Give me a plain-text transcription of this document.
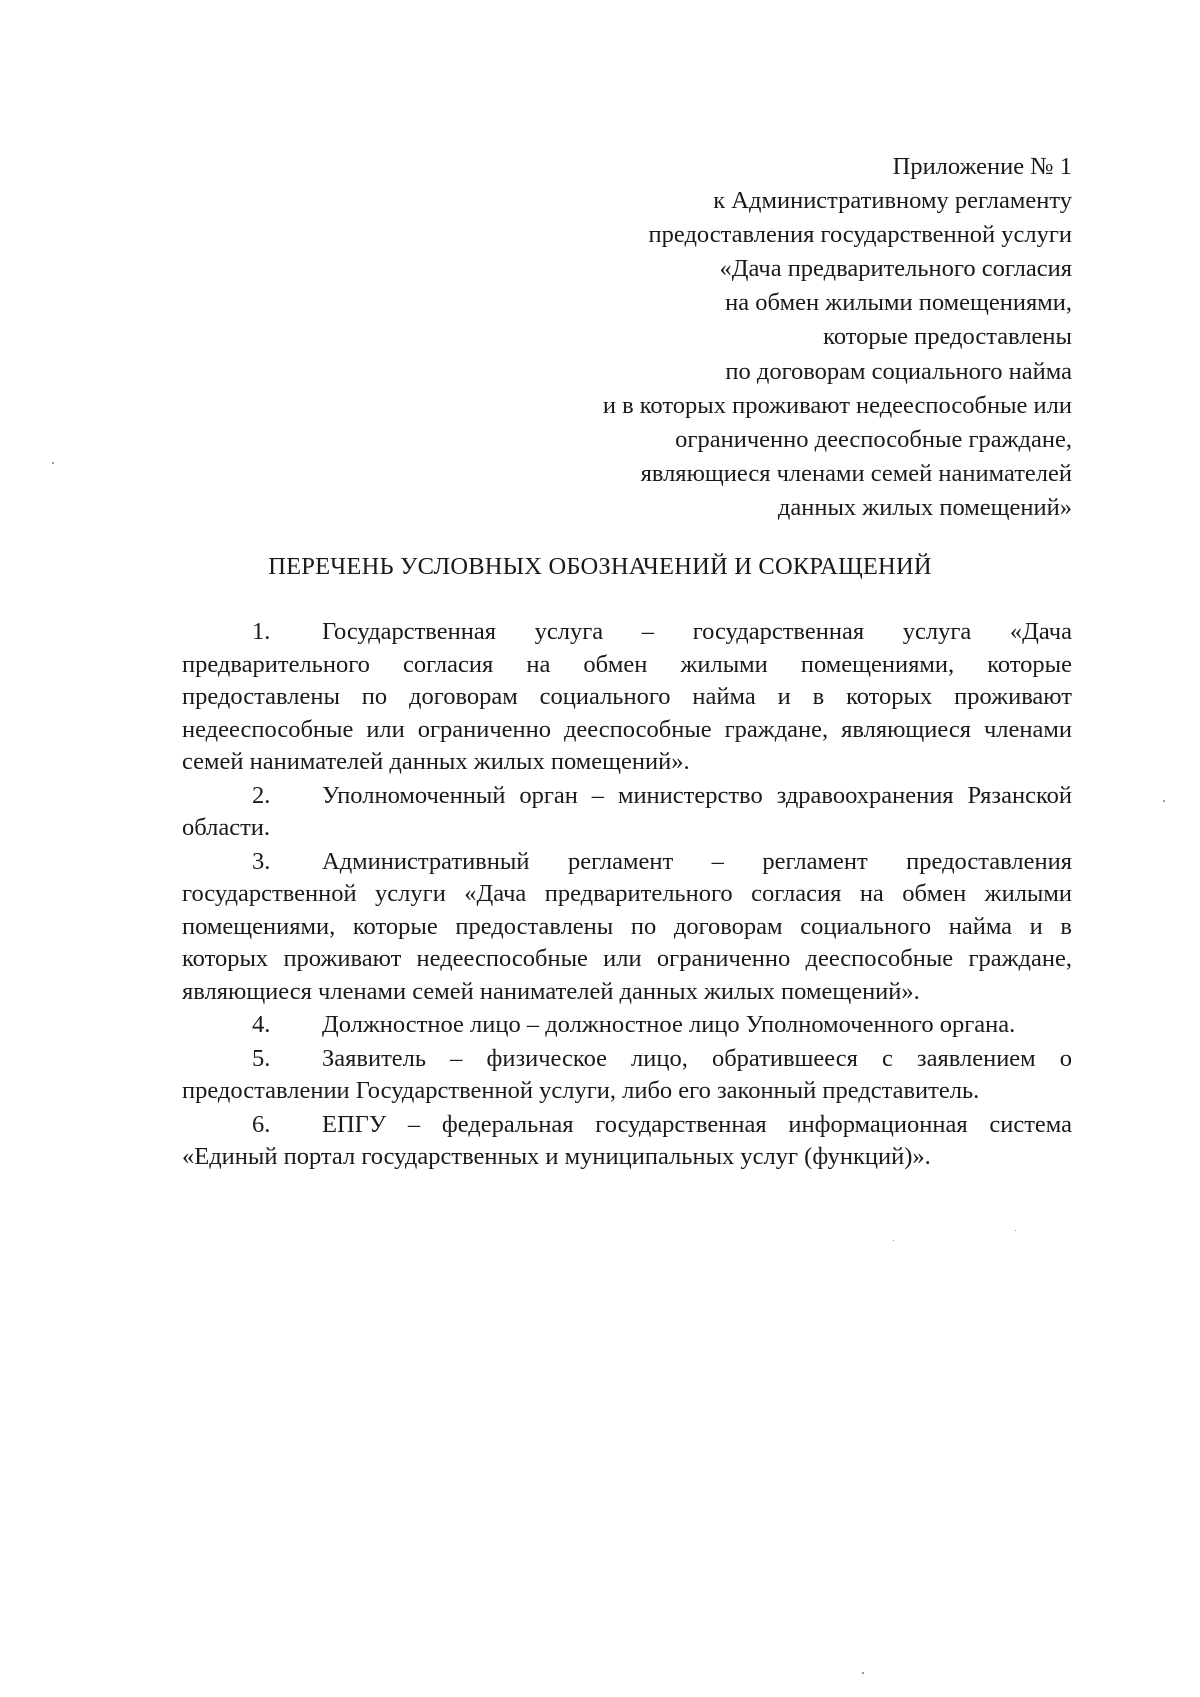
Приложение № 1
к Административному регламенту
предоставления государственной услуги
«Дача предварительного согласия
на обмен жилыми помещениями,
которые предоставлены
по договорам социального найма
и в которых проживают недееспособные или
ограниченно дееспособные граждане,
являющиеся членами семей нанимателей
данных жилых помещений»
ПЕРЕЧЕНЬ УСЛОВНЫХ ОБОЗНАЧЕНИЙ И СОКРАЩЕНИЙ

1. Государственная услуга – государственная услуга «Дача предварительного согласия на обмен жилыми помещениями, которые предоставлены по договорам социального найма и в которых проживают недееспособные или ограниченно дееспособные граждане, являющиеся членами семей нанимателей данных жилых помещений».

2. Уполномоченный орган – министерство здравоохранения Рязанской области.

3. Административный регламент – регламент предоставления государственной услуги «Дача предварительного согласия на обмен жилыми помещениями, которые предоставлены по договорам социального найма и в которых проживают недееспособные или ограниченно дееспособные граждане, являющиеся членами семей нанимателей данных жилых помещений».

4. Должностное лицо – должностное лицо Уполномоченного органа.

5. Заявитель – физическое лицо, обратившееся с заявлением о предоставлении Государственной услуги, либо его законный представитель.

6. ЕПГУ – федеральная государственная информационная система «Единый портал государственных и муниципальных услуг (функций)».
